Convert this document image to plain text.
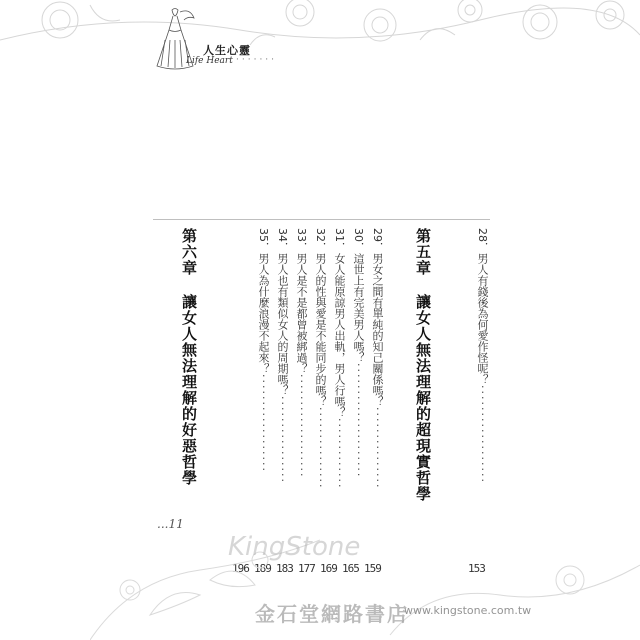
人生心靈
Life Heart ·······
28．男人有錢後為何愛作怪呢？··················
第五章讓女人無法理解的超現實哲學
29．男女之間有單純的知己關係嗎？···············
30．這世上有完美男人嗎？·····················
31．女人能原諒男人出軌，男人行嗎？·············
32．男人的性與愛是不能同步的嗎？···············
33．男人是不是都曾被綁過？···················
34．男人也有類似女人的周期嗎？················
35．男人為什麼浪漫不起來？··················
第六章讓女人無法理解的好惡哲學
153
159
165
169
177
183
189
196
...11
KingStone
金石堂網路書店
www.kingstone.com.tw
